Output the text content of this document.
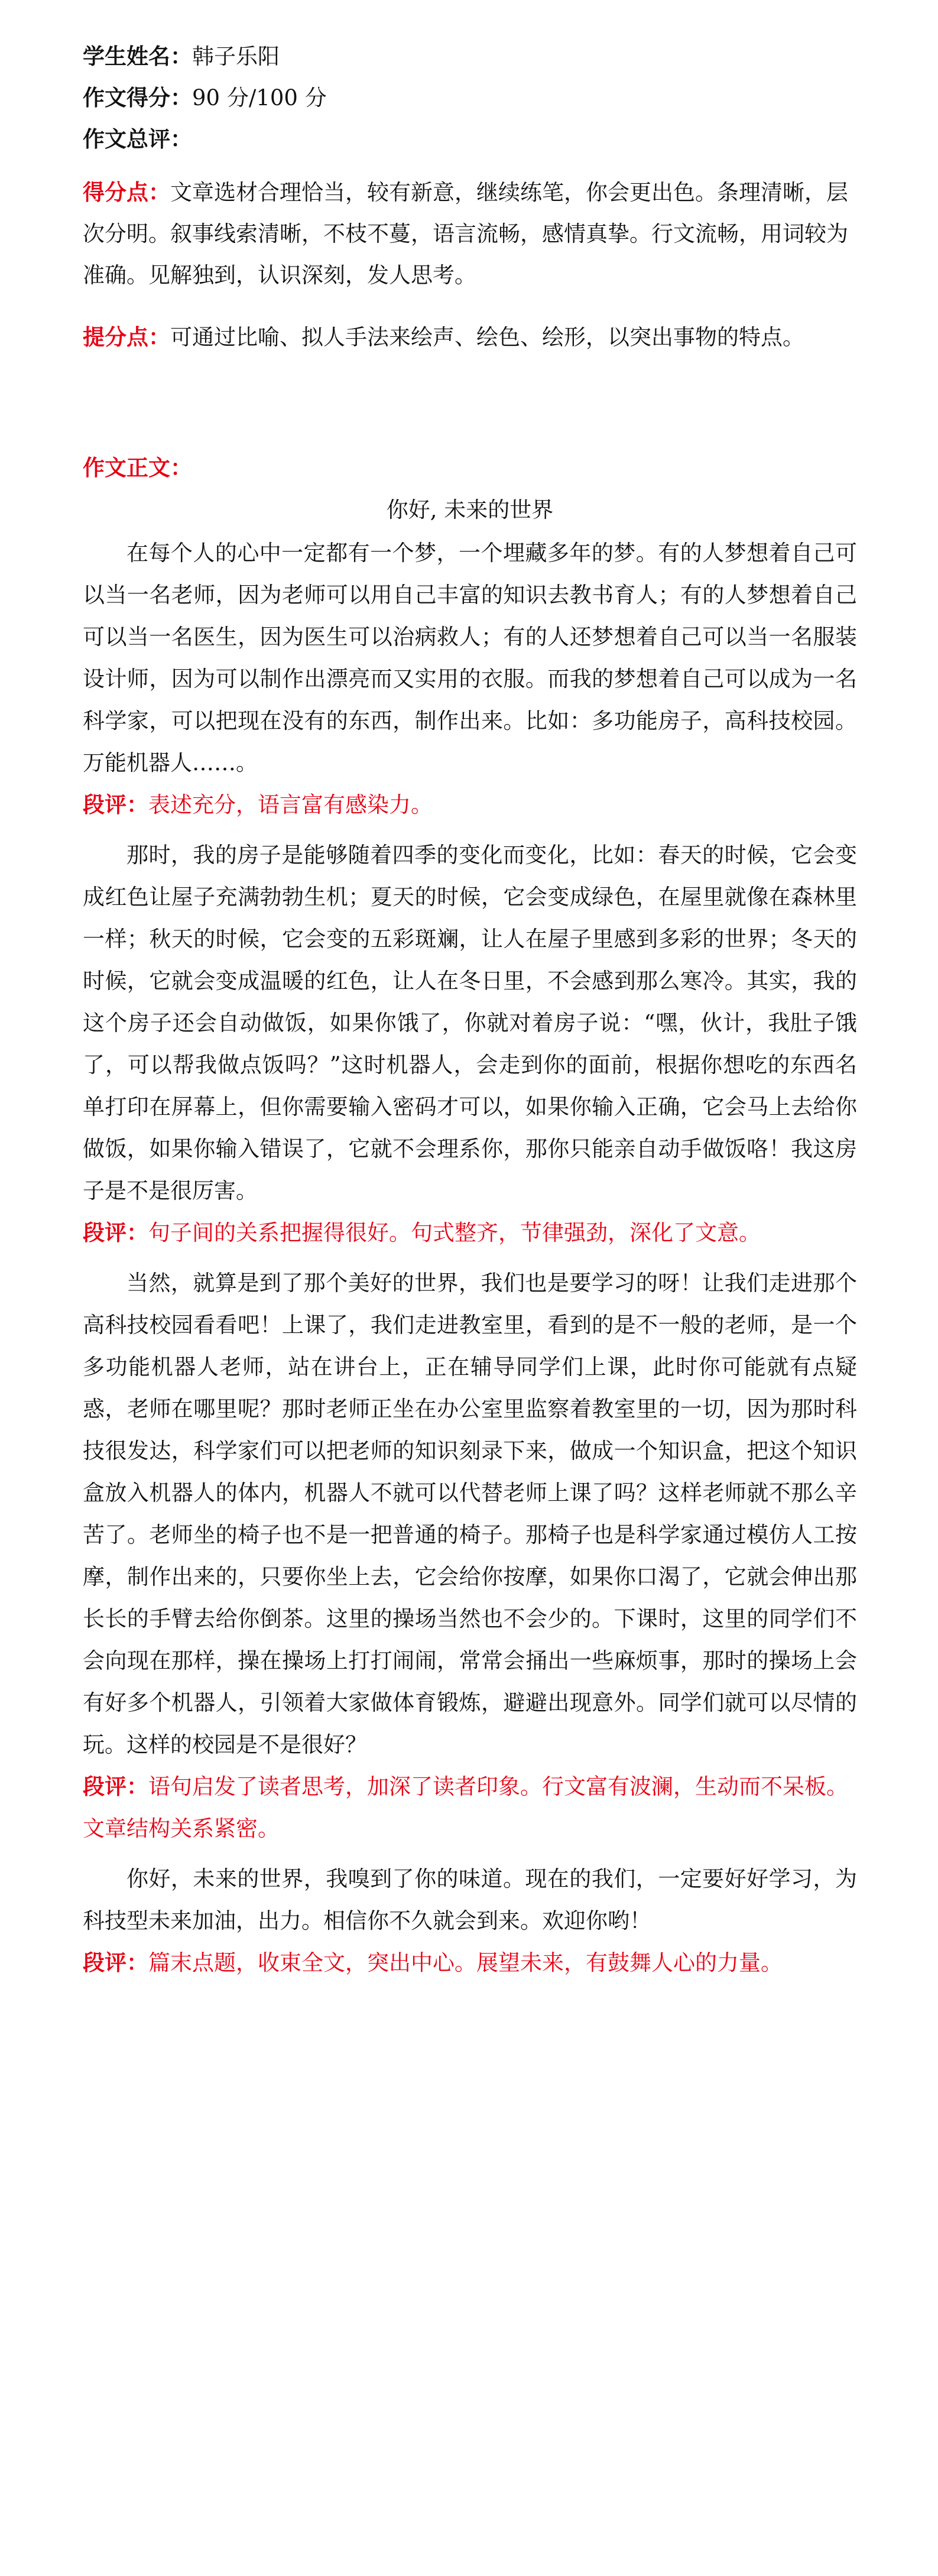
学生姓名：韩子乐阳
作文得分：90 分/100 分
作文总评：

得分点：文章选材合理恰当，较有新意，继续练笔，你会更出色。条理清晰，层次分明。叙事线索清晰，不枝不蔓，语言流畅，感情真挚。行文流畅，用词较为准确。见解独到，认识深刻，发人思考。

提分点：可通过比喻、拟人手法来绘声、绘色、绘形，以突出事物的特点。

作文正文：
你好, 未来的世界

在每个人的心中一定都有一个梦，一个埋藏多年的梦。有的人梦想着自己可以当一名老师，因为老师可以用自己丰富的知识去教书育人；有的人梦想着自己可以当一名医生，因为医生可以治病救人；有的人还梦想着自己可以当一名服装设计师，因为可以制作出漂亮而又实用的衣服。而我的梦想着自己可以成为一名科学家，可以把现在没有的东西，制作出来。比如：多功能房子，高科技校园。万能机器人……。

段评：表述充分，语言富有感染力。

那时，我的房子是能够随着四季的变化而变化，比如：春天的时候，它会变成红色让屋子充满勃勃生机；夏天的时候，它会变成绿色，在屋里就像在森林里一样；秋天的时候，它会变的五彩斑斓，让人在屋子里感到多彩的世界；冬天的时候，它就会变成温暖的红色，让人在冬日里，不会感到那么寒冷。其实，我的这个房子还会自动做饭，如果你饿了，你就对着房子说：“嘿，伙计，我肚子饿了，可以帮我做点饭吗？”这时机器人，会走到你的面前，根据你想吃的东西名单打印在屏幕上，但你需要输入密码才可以，如果你输入正确，它会马上去给你做饭，如果你输入错误了，它就不会理系你，那你只能亲自动手做饭咯！我这房子是不是很厉害。

段评：句子间的关系把握得很好。句式整齐，节律强劲，深化了文意。

当然，就算是到了那个美好的世界，我们也是要学习的呀！让我们走进那个高科技校园看看吧！上课了，我们走进教室里，看到的是不一般的老师，是一个多功能机器人老师，站在讲台上，正在辅导同学们上课，此时你可能就有点疑惑，老师在哪里呢？那时老师正坐在办公室里监察着教室里的一切，因为那时科技很发达，科学家们可以把老师的知识刻录下来，做成一个知识盒，把这个知识盒放入机器人的体内，机器人不就可以代替老师上课了吗？这样老师就不那么辛苦了。老师坐的椅子也不是一把普通的椅子。那椅子也是科学家通过模仿人工按摩，制作出来的，只要你坐上去，它会给你按摩，如果你口渴了，它就会伸出那长长的手臂去给你倒茶。这里的操场当然也不会少的。下课时，这里的同学们不会向现在那样，操在操场上打打闹闹，常常会捅出一些麻烦事，那时的操场上会有好多个机器人，引领着大家做体育锻炼，避避出现意外。同学们就可以尽情的玩。这样的校园是不是很好？

段评：语句启发了读者思考，加深了读者印象。行文富有波澜，生动而不呆板。文章结构关系紧密。

你好，未来的世界，我嗅到了你的味道。现在的我们，一定要好好学习，为科技型未来加油，出力。相信你不久就会到来。欢迎你哟！

段评：篇末点题，收束全文，突出中心。展望未来，有鼓舞人心的力量。
